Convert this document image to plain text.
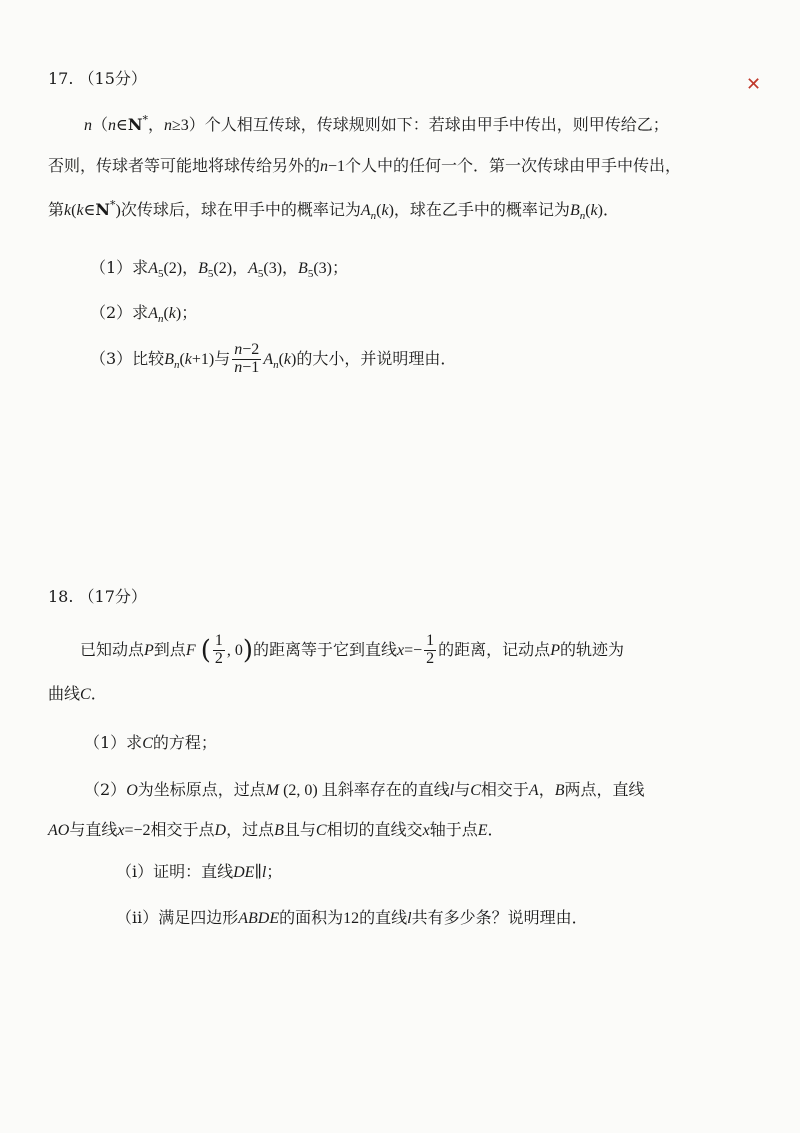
✕
17. （15分）
n（n∈N*，n≥3）个人相互传球，传球规则如下：若球由甲手中传出，则甲传给乙；
否则，传球者等可能地将球传给另外的n−1个人中的任何一个．第一次传球由甲手中传出，
第k(k∈N*)次传球后，球在甲手中的概率记为$A_n(k)$，球在乙手中的概率记为$B_n(k)$．
（1）求$A_5(2)$，$B_5(2)$，$A_5(3)$，$B_5(3)$；
（2）求$A_n(k)$；
（3）比较$B_n(k+1)$与 $\frac{n-2}{n-1} A_n(k)$的大小，并说明理由．
18. （17分）
已知动点P到点F ( $\frac{1}{2}$ , 0)的距离等于它到直线$x=- \frac{1}{2}$ 的距离，记动点P的轨迹为
曲线C．
（1）求C的方程；
（2）O为坐标原点，过点M (2, 0) 且斜率存在的直线l与C相交于A，B两点，直线
AO与直线x=−2相交于点D，过点B且与C相切的直线交x轴于点E．
（i）证明：直线DE∥l；
（ii）满足四边形ABDE的面积为12的直线l共有多少条？说明理由．
